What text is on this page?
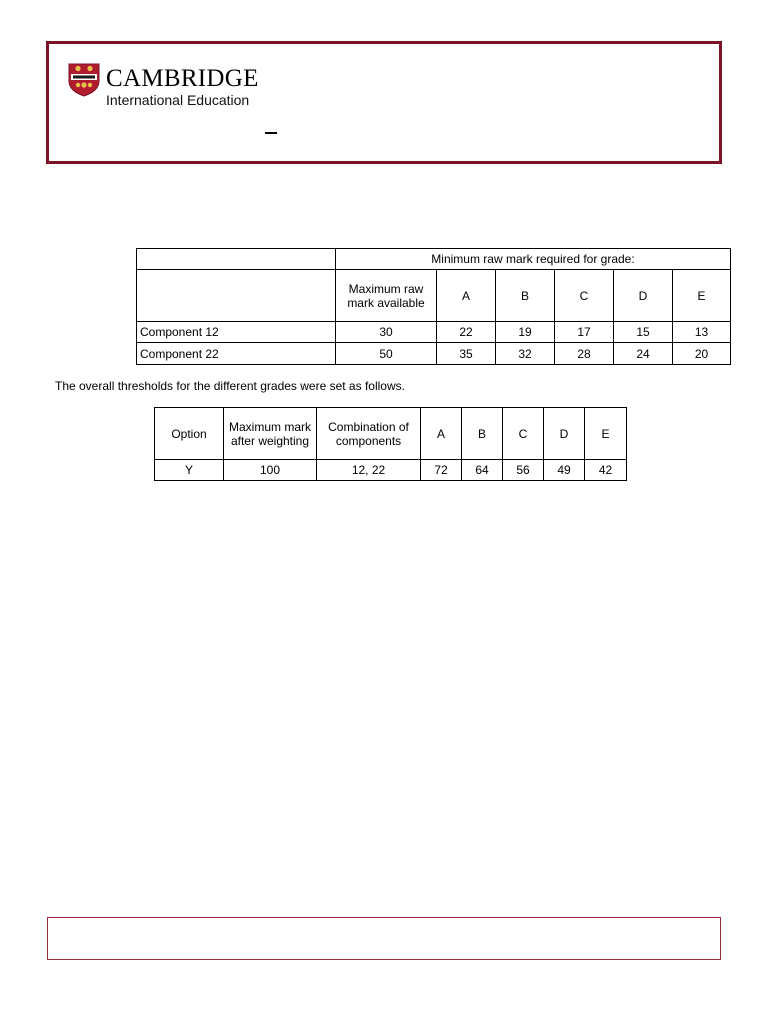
CAMBRIDGE
International Education
	Minimum raw mark required for grade:					
	Maximum raw mark available	A	B	C	D	E
Component 12	30	22	19	17	15	13
Component 22	50	35	32	28	24	20
The overall thresholds for the different grades were set as follows.
Option	Maximum mark after weighting	Combination of components	A	B	C	D	E
Y	100	12, 22	72	64	56	49	42
